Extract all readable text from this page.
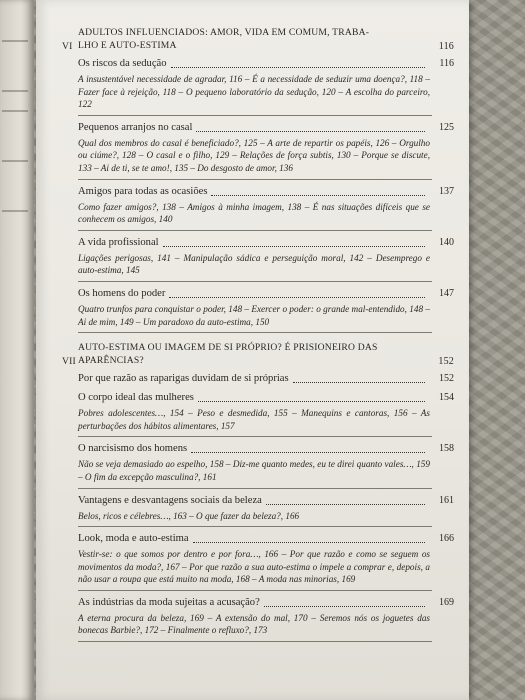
VI
ADULTOS INFLUENCIADOS: AMOR, VIDA EM COMUM, TRABA-
LHO E AUTO-ESTIMA	116
Os riscos da sedução	116
A insustentável necessidade de agradar, 116 – É a necessidade de seduzir uma doença?, 118 – Fazer face à rejeição, 118 – O pequeno laboratório da sedução, 120 – A escolha do parceiro, 122
Pequenos arranjos no casal	125
Qual dos membros do casal é beneficiado?, 125 – A arte de repartir os papéis, 126 – Orgulho ou ciúme?, 128 – O casal e o filho, 129 – Relações de força subtis, 130 – Porque se discute, 133 – Ai de ti, se te amo!, 135 – Do desgosto de amor, 136
Amigos para todas as ocasiões	137
Como fazer amigos?, 138 – Amigos à minha imagem, 138 – É nas situações difíceis que se conhecem os amigos, 140
A vida profissional	140
Ligações perigosas, 141 – Manipulação sádica e perseguição moral, 142 – Desemprego e auto-estima, 145
Os homens do poder	147
Quatro trunfos para conquistar o poder, 148 – Exercer o poder: o grande mal-entendido, 148 – Ai de mim, 149 – Um paradoxo da auto-estima, 150
VII
AUTO-ESTIMA OU IMAGEM DE SI PRÓPRIO? É PRISIONEIRO DAS
APARÊNCIAS?	152
Por que razão as raparigas duvidam de si próprias	152
O corpo ideal das mulheres	154
Pobres adolescentes…, 154 – Peso e desmedida, 155 – Manequins e cantoras, 156 – As perturbações dos hábitos alimentares, 157
O narcisismo dos homens	158
Não se veja demasiado ao espelho, 158 – Diz-me quanto medes, eu te direi quanto vales…, 159 – O fim da excepção masculina?, 161
Vantagens e desvantagens sociais da beleza	161
Belos, ricos e célebres…, 163 – O que fazer da beleza?, 166
Look, moda e auto-estima	166
Vestir-se: o que somos por dentro e por fora…, 166 – Por que razão e como se seguem os movimentos da moda?, 167 – Por que razão a sua auto-estima o impele a comprar e, depois, a não usar a roupa que está muito na moda, 168 – A moda nas minorias, 169
As indústrias da moda sujeitas a acusação?	169
A eterna procura da beleza, 169 – A extensão do mal, 170 – Seremos nós os joguetes das bonecas Barbie?, 172 – Finalmente o refluxo?, 173
